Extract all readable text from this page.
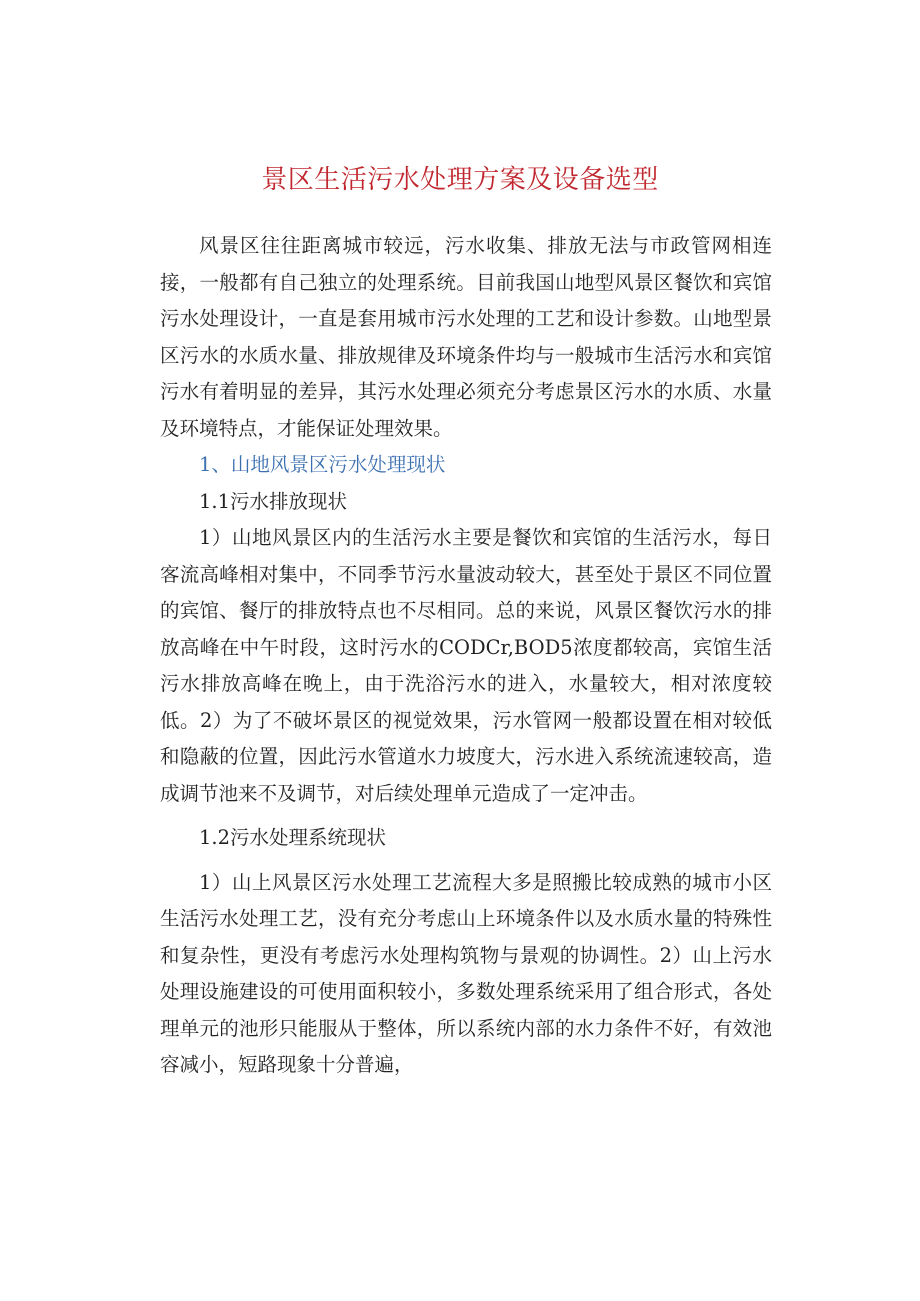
景区生活污水处理方案及设备选型

风景区往往距离城市较远，污水收集、排放无法与市政管网相连接，一般都有自己独立的处理系统。目前我国山地型风景区餐饮和宾馆污水处理设计，一直是套用城市污水处理的工艺和设计参数。山地型景区污水的水质水量、排放规律及环境条件均与一般城市生活污水和宾馆污水有着明显的差异，其污水处理必须充分考虑景区污水的水质、水量及环境特点，才能保证处理效果。

1、山地风景区污水处理现状

1.1污水排放现状

1）山地风景区内的生活污水主要是餐饮和宾馆的生活污水，每日客流高峰相对集中，不同季节污水量波动较大，甚至处于景区不同位置的宾馆、餐厅的排放特点也不尽相同。总的来说，风景区餐饮污水的排放高峰在中午时段，这时污水的CODCr,BOD5浓度都较高，宾馆生活污水排放高峰在晚上，由于洗浴污水的进入，水量较大，相对浓度较低。2）为了不破坏景区的视觉效果，污水管网一般都设置在相对较低和隐蔽的位置，因此污水管道水力坡度大，污水进入系统流速较高，造成调节池来不及调节，对后续处理单元造成了一定冲击。

1.2污水处理系统现状

1）山上风景区污水处理工艺流程大多是照搬比较成熟的城市小区生活污水处理工艺，没有充分考虑山上环境条件以及水质水量的特殊性和复杂性，更没有考虑污水处理构筑物与景观的协调性。2）山上污水处理设施建设的可使用面积较小，多数处理系统采用了组合形式，各处理单元的池形只能服从于整体，所以系统内部的水力条件不好，有效池容减小，短路现象十分普遍，
